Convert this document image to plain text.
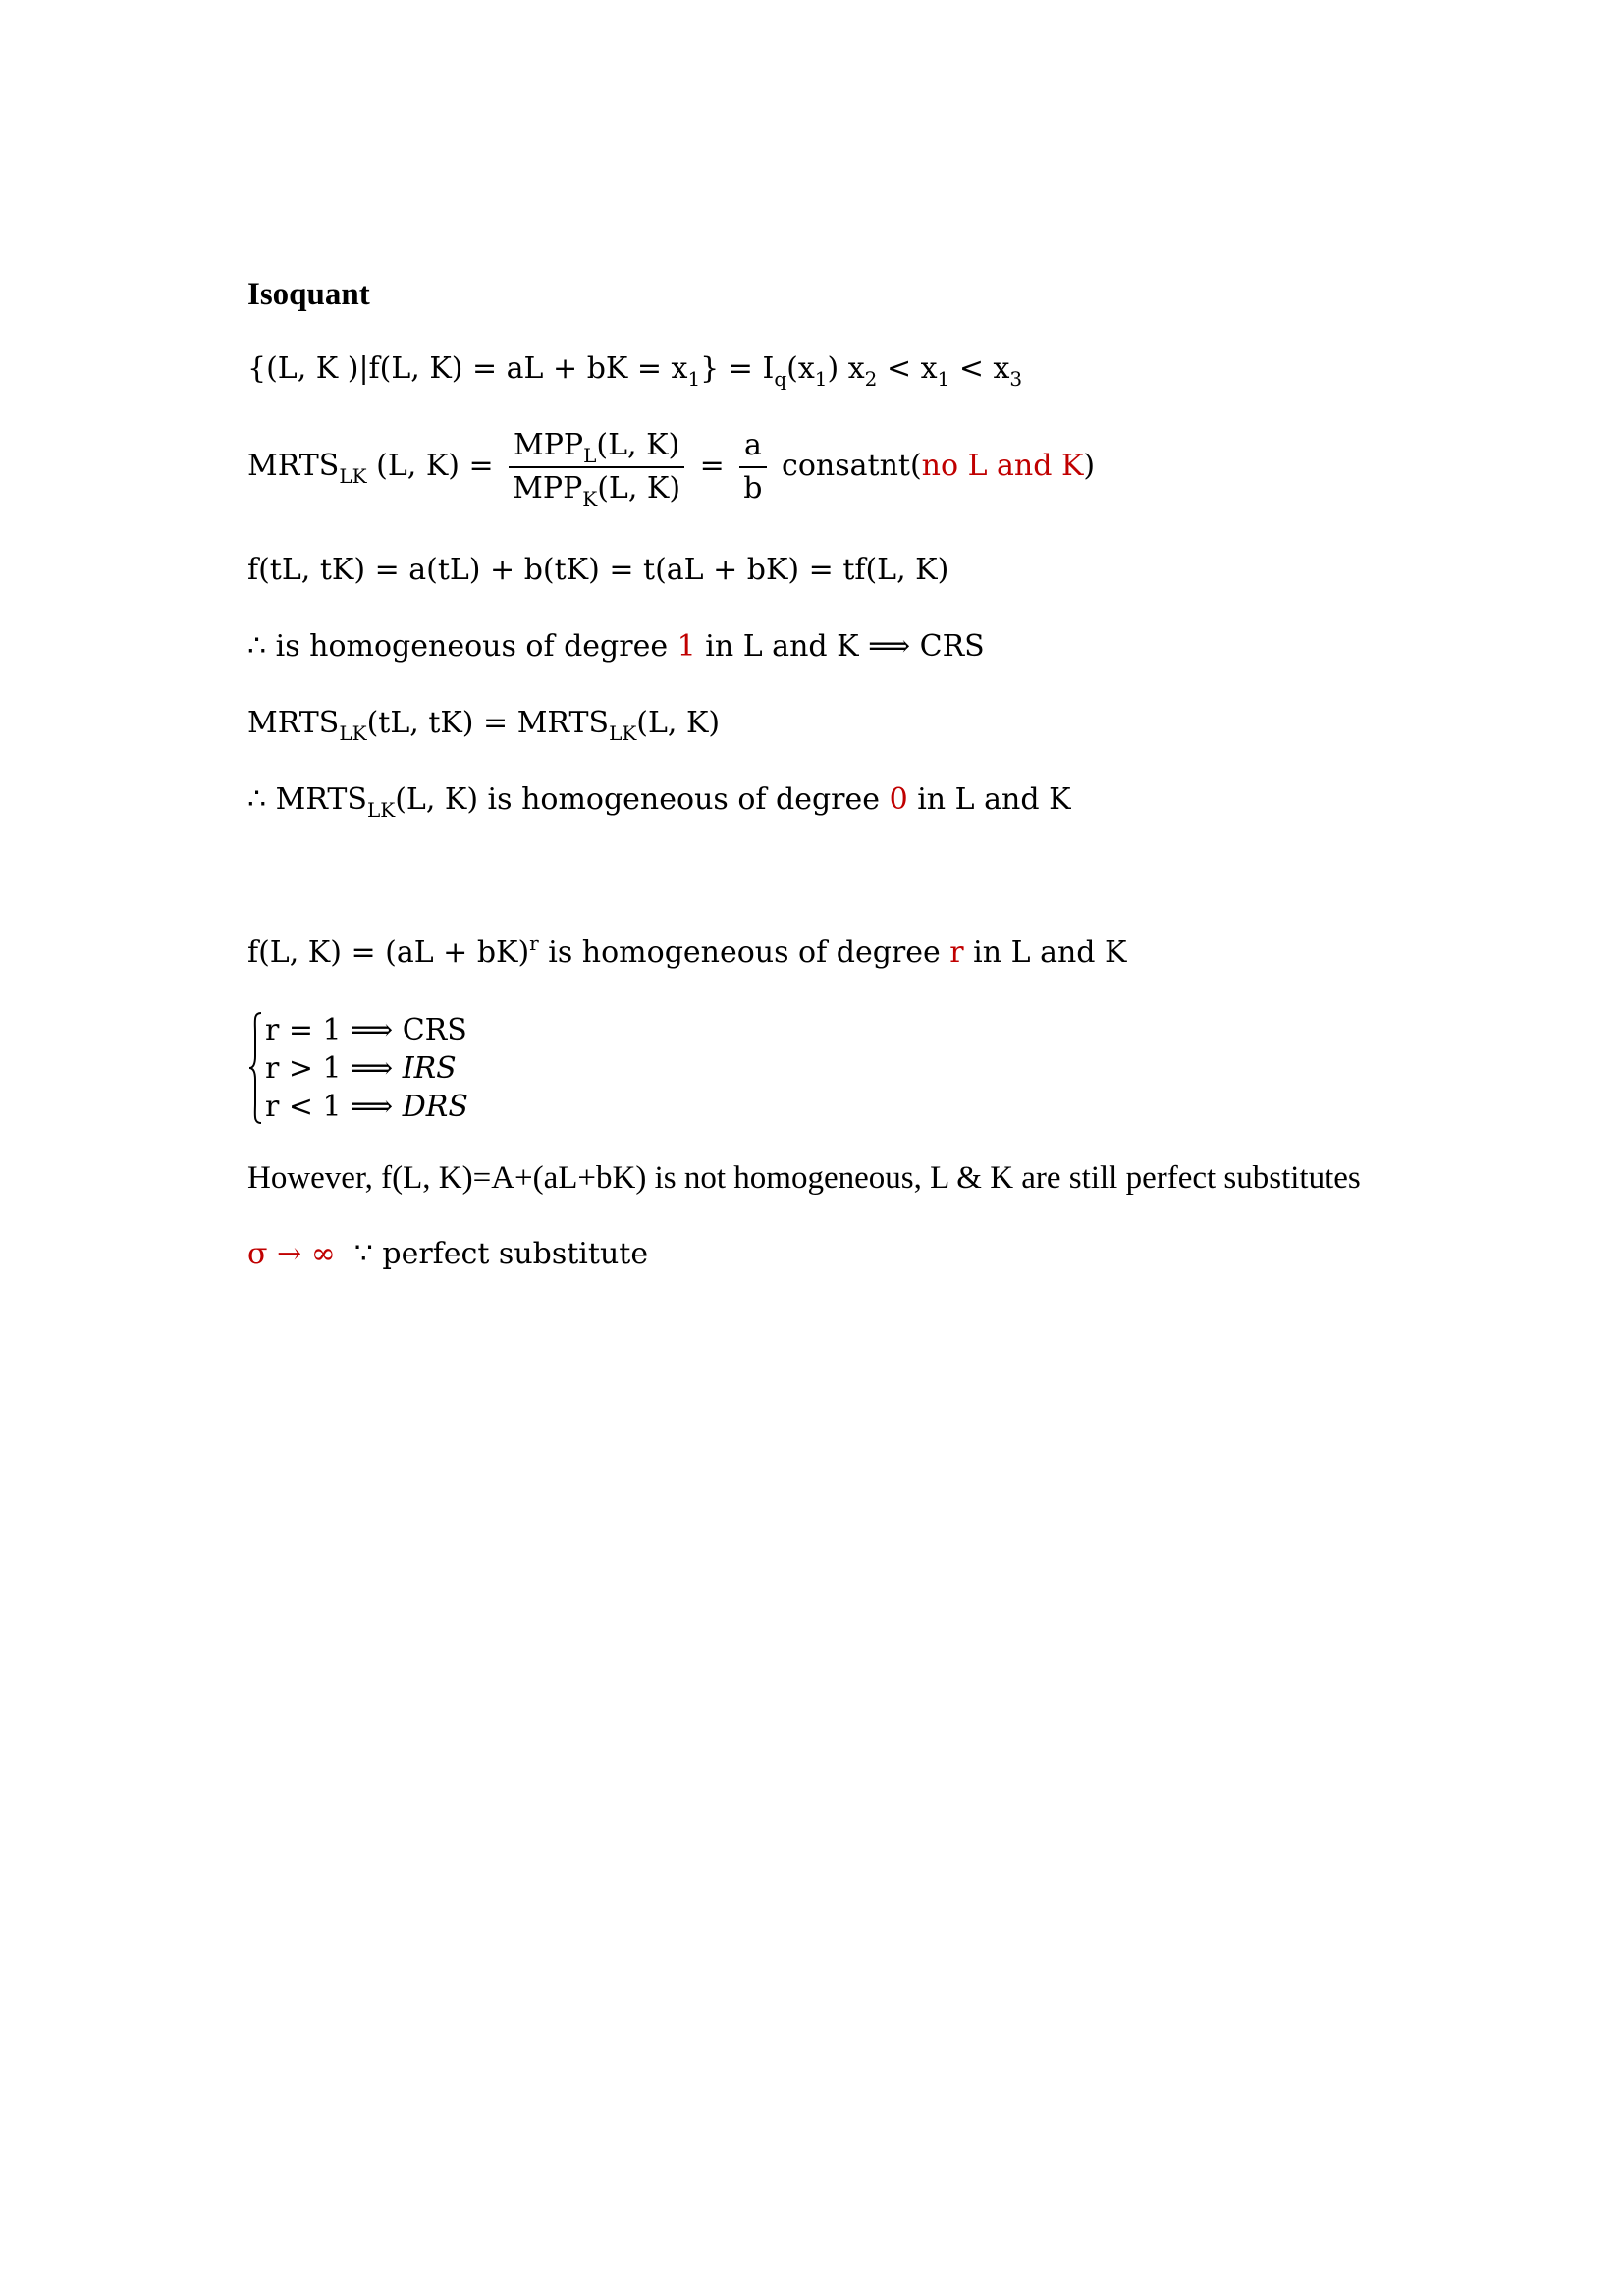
Isoquant
{(L, K )|f(L, K) = aL + bK = $x_1\} = I_q(x_1) x_2 < x_1 < x_3$
$MRTS_{LK}$ (L, $K) = \frac{MPP_L(L, K)}{MPP_K(L, K)} = \frac{a}{b}$ consatnt(no L and K)
f(tL, tK) = a(tL) + b(tK) = t(aL + bK) = tf(L, K)
∴ is homogeneous of degree 1 in L and K ⟹ CRS
$MRTS_{LK}(tL$, $tK) = MRTS_{LK}(L$, K)
∴ $MRTS_{LK}(L$, K) is homogeneous of degree 0 in L and K
f(L, K) = (aL + bK)$^r$ is homogeneous of degree r in L and K
r = 1 ⟹ CRS
r > 1 ⟹ IRS
r < 1 ⟹ DRS
However, f(L, K)=A+(aL+bK) is not homogeneous, L & K are still perfect substitutes
σ → ∞  ∵ perfect substitute
